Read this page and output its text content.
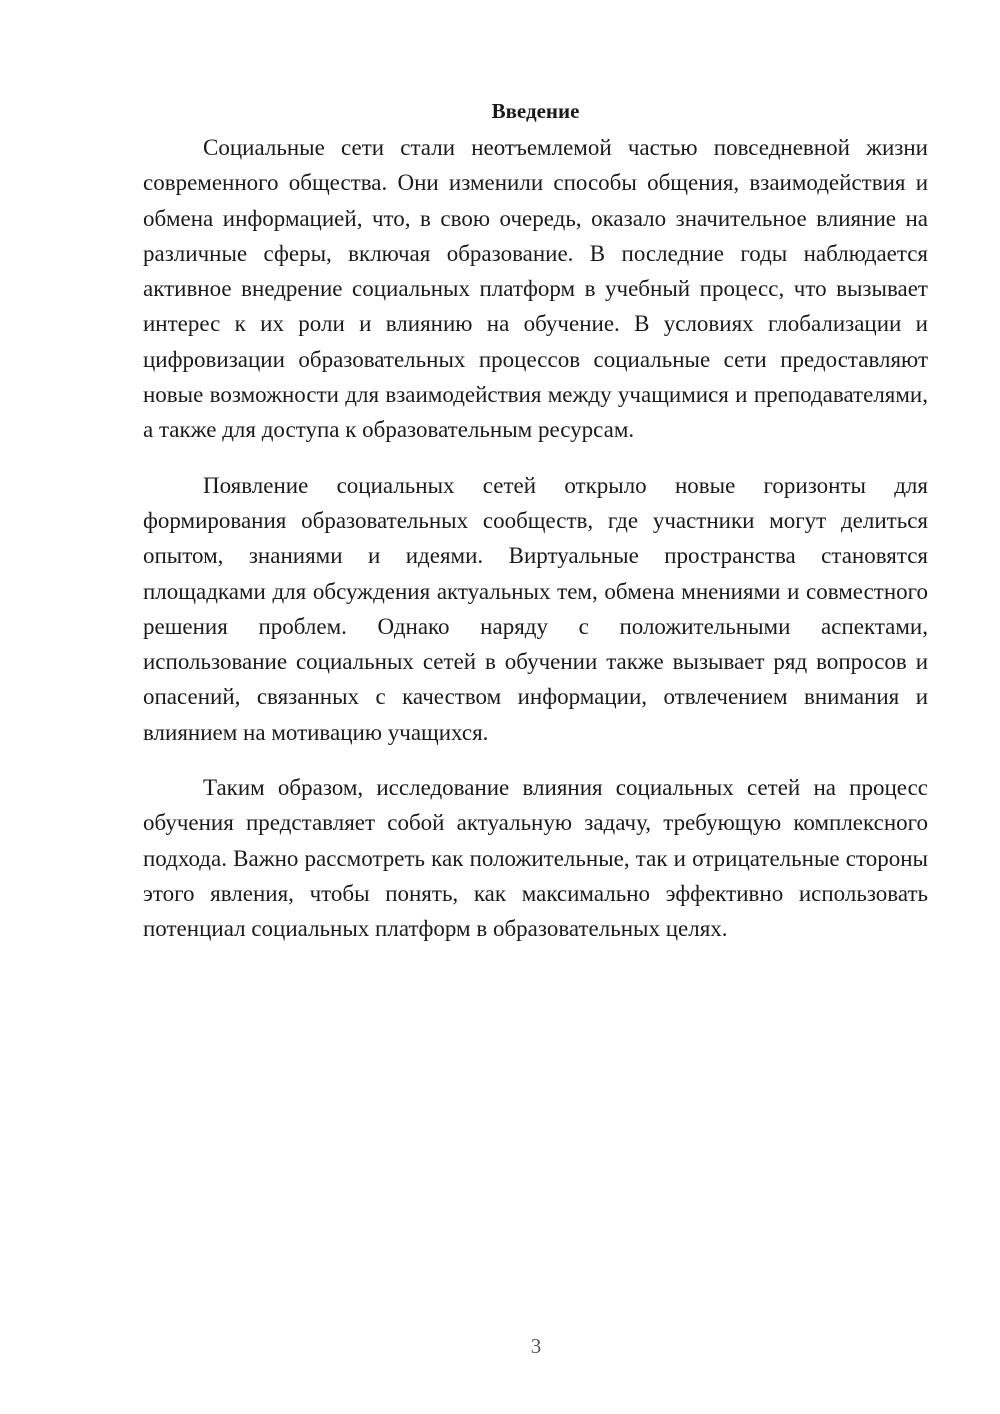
Введение

Социальные сети стали неотъемлемой частью повседневной жизни современного общества. Они изменили способы общения, взаимодействия и обмена информацией, что, в свою очередь, оказало значительное влияние на различные сферы, включая образование. В последние годы наблюдается активное внедрение социальных платформ в учебный процесс, что вызывает интерес к их роли и влиянию на обучение. В условиях глобализации и цифровизации образовательных процессов социальные сети предоставляют новые возможности для взаимодействия между учащимися и преподавателями, а также для доступа к образовательным ресурсам.

Появление социальных сетей открыло новые горизонты для формирования образовательных сообществ, где участники могут делиться опытом, знаниями и идеями. Виртуальные пространства становятся площадками для обсуждения актуальных тем, обмена мнениями и совместного решения проблем. Однако наряду с положительными аспектами, использование социальных сетей в обучении также вызывает ряд вопросов и опасений, связанных с качеством информации, отвлечением внимания и влиянием на мотивацию учащихся.

Таким образом, исследование влияния социальных сетей на процесс обучения представляет собой актуальную задачу, требующую комплексного подхода. Важно рассмотреть как положительные, так и отрицательные стороны этого явления, чтобы понять, как максимально эффективно использовать потенциал социальных платформ в образовательных целях.

3
